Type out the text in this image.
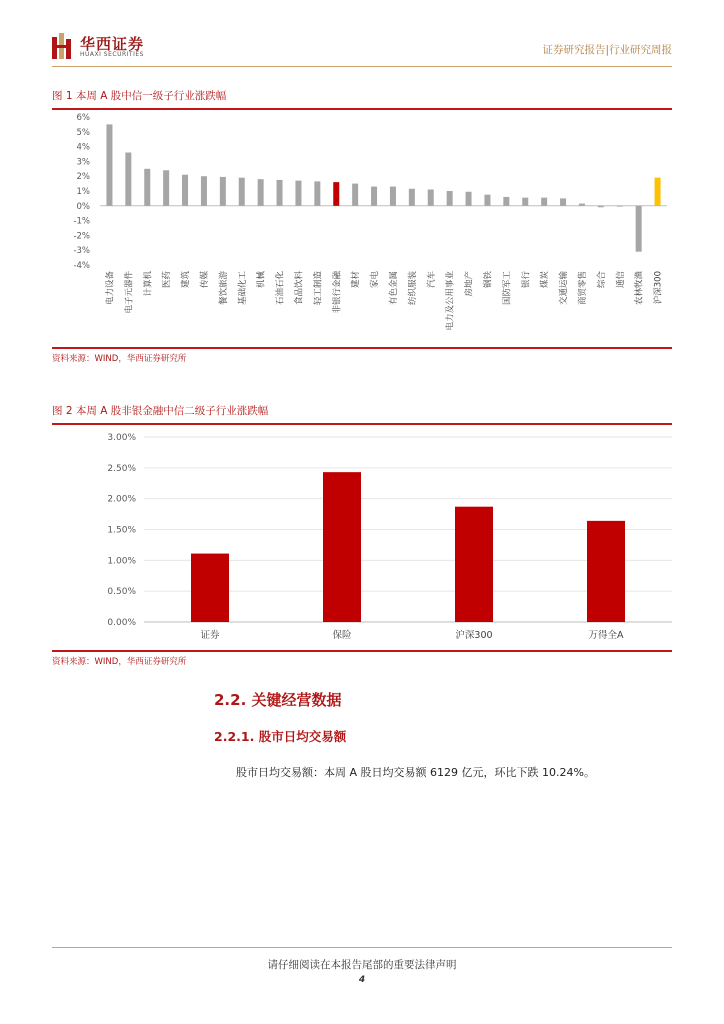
华西证券
HUAXI SECURITIES	证券研究报告|行业研究周报
图 1 本周 A 股中信一级子行业涨跌幅
6%
5%
4%
3%
2%
1%
0%
-1%
-2%
-3%
-4%
电力设备 电子元器件 计算机 医药 建筑 传媒 餐饮旅游 基础化工 机械 石油石化 食品饮料 轻工制造 非银行金融 建材 家电 有色金属 纺织服装 汽车 电力及公用事业 房地产 钢铁 国防军工 银行 煤炭 交通运输 商贸零售 综合 通信 农林牧渔 沪深300
资料来源：WIND，华西证券研究所
图 2 本周 A 股非银金融中信二级子行业涨跌幅
3.00%
2.50%
2.00%
1.50%
1.00%
0.50%
0.00%
证券	保险	沪深300	万得全A
资料来源：WIND，华西证券研究所
2.2. 关键经营数据
2.2.1. 股市日均交易额
股市日均交易额：本周 A 股日均交易额 6129 亿元，环比下跌 10.24%。
请仔细阅读在本报告尾部的重要法律声明
4
